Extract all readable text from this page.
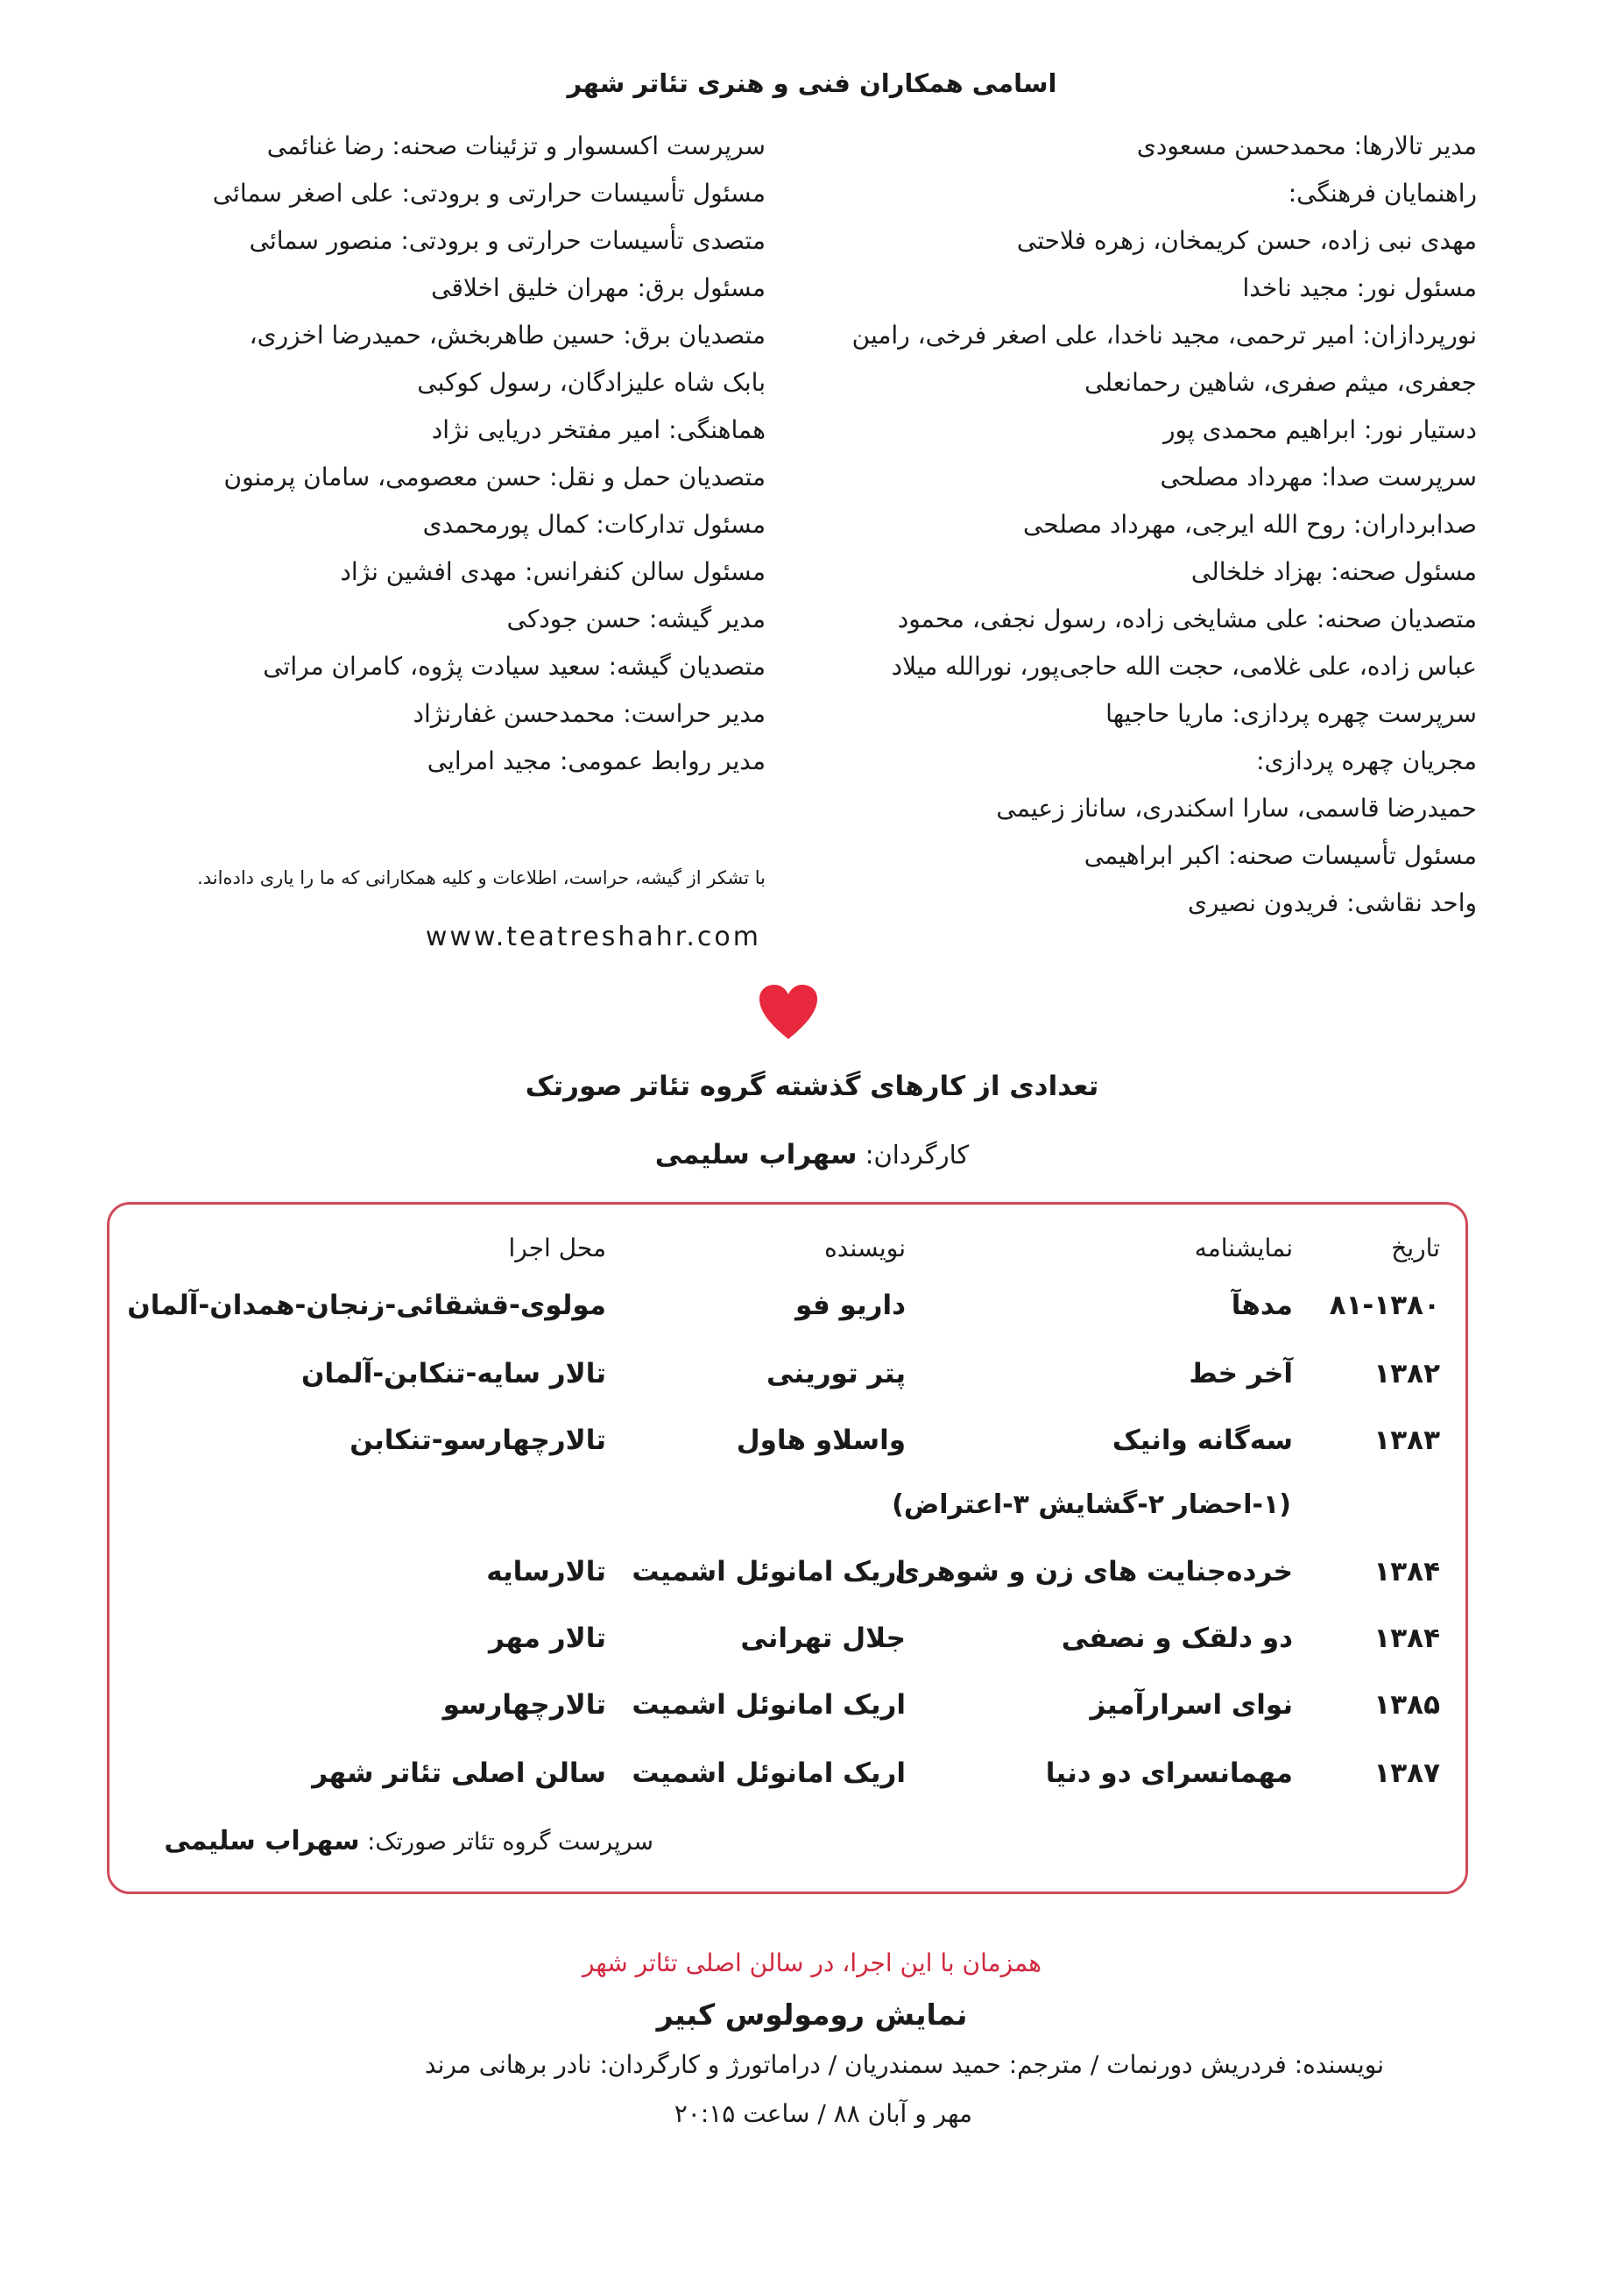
اسامی همکاران فنی و هنری تئاتر شهر
مدیر تالارها: محمدحسن مسعودی
راهنمایان فرهنگی:
مهدی نبی زاده، حسن کریمخان، زهره فلاحتی
مسئول نور: مجید ناخدا
نورپردازان: امیر ترحمی، مجید ناخدا، علی اصغر فرخی، رامین
جعفری، میثم صفری، شاهین رحمانعلی
دستیار نور: ابراهیم محمدی پور
سرپرست صدا: مهرداد مصلحی
صدابرداران: روح الله ایرجی، مهرداد مصلحی
مسئول صحنه: بهزاد خلخالی
متصدیان صحنه: علی مشایخی زاده، رسول نجفی، محمود
عباس زاده، علی غلامی، حجت الله حاجی‌پور، نورالله میلاد
سرپرست چهره پردازی: ماریا حاجیها
مجریان چهره پردازی:
حمیدرضا قاسمی، سارا اسکندری، ساناز زعیمی
مسئول تأسیسات صحنه: اکبر ابراهیمی
واحد نقاشی: فریدون نصیری
سرپرست اکسسوار و تزئینات صحنه: رضا غنائمی
مسئول تأسیسات حرارتی و برودتی: علی اصغر سمائی
متصدی تأسیسات حرارتی و برودتی: منصور سمائی
مسئول برق: مهران خلیق اخلاقی
متصدیان برق: حسین طاهربخش، حمیدرضا اخزری،
بابک شاه علیزادگان، رسول کوکبی
هماهنگی: امیر مفتخر دریایی نژاد
متصدیان حمل و نقل: حسن معصومی، سامان پرمنون
مسئول تدارکات: کمال پورمحمدی
مسئول سالن کنفرانس: مهدی افشین نژاد
مدیر گیشه: حسن جودکی
متصدیان گیشه: سعید سیادت پژوه، کامران مراتی
مدیر حراست: محمدحسن غفارنژاد
مدیر روابط عمومی: مجید امرایی
با تشکر از گیشه، حراست، اطلاعات و کلیه همکارانی که ما را یاری داده‌اند.
www.teatreshahr.com
تعدادی از کارهای گذشته گروه تئاتر صورتک
کارگردان: سهراب سلیمی
تاریخ
نمایشنامه
نویسنده
محل اجرا
۸۱-۱۳۸۰
مدهآ
داریو فو
مولوی-قشقائی-زنجان-همدان-آلمان
۱۳۸۲
آخر خط
پتر تورینی
تالار سایه-تنکابن-آلمان
۱۳۸۳
سه‌گانه وانیک
واسلاو هاول
تالارچهارسو-تنکابن
(۱-احضار ۲-گشایش ۳-اعتراض)
۱۳۸۴
خرده‌جنایت های زن و شوهری
اریک امانوئل اشمیت
تالارسایه
۱۳۸۴
دو دلقک و نصفی
جلال تهرانی
تالار مهر
۱۳۸۵
نوای اسرارآمیز
اریک امانوئل اشمیت
تالارچهارسو
۱۳۸۷
مهمانسرای دو دنیا
اریک امانوئل اشمیت
سالن اصلی تئاتر شهر
سرپرست گروه تئاتر صورتک: سهراب سلیمی
همزمان با این اجرا، در سالن اصلی تئاتر شهر
نمایش رومولوس کبیر
نویسنده: فردریش دورنمات / مترجم: حمید سمندریان / دراماتورژ و کارگردان: نادر برهانی مرند
مهر و آبان ۸۸ / ساعت ۲۰:۱۵
